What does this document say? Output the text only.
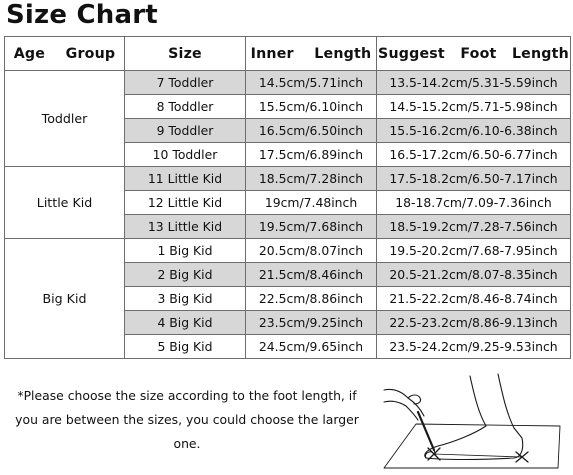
Size Chart
Age    Group	Size	Inner    Length	Suggest   Foot   Length
Toddler	7 Toddler	14.5cm/5.71inch	13.5-14.2cm/5.31-5.59inch
	8 Toddler	15.5cm/6.10inch	14.5-15.2cm/5.71-5.98inch
	9 Toddler	16.5cm/6.50inch	15.5-16.2cm/6.10-6.38inch
	10 Toddler	17.5cm/6.89inch	16.5-17.2cm/6.50-6.77inch
Little Kid	11 Little Kid	18.5cm/7.28inch	17.5-18.2cm/6.50-7.17inch
	12 Little Kid	19cm/7.48inch	18-18.7cm/7.09-7.36inch
	13 Little Kid	19.5cm/7.68inch	18.5-19.2cm/7.28-7.56inch
Big Kid	1 Big Kid	20.5cm/8.07inch	19.5-20.2cm/7.68-7.95inch
	2 Big Kid	21.5cm/8.46inch	20.5-21.2cm/8.07-8.35inch
	3 Big Kid	22.5cm/8.86inch	21.5-22.2cm/8.46-8.74inch
	4 Big Kid	23.5cm/9.25inch	22.5-23.2cm/8.86-9.13inch
	5 Big Kid	24.5cm/9.65inch	23.5-24.2cm/9.25-9.53inch
*Please choose the size according to the foot length, if
you are between the sizes, you could choose the larger
one.
